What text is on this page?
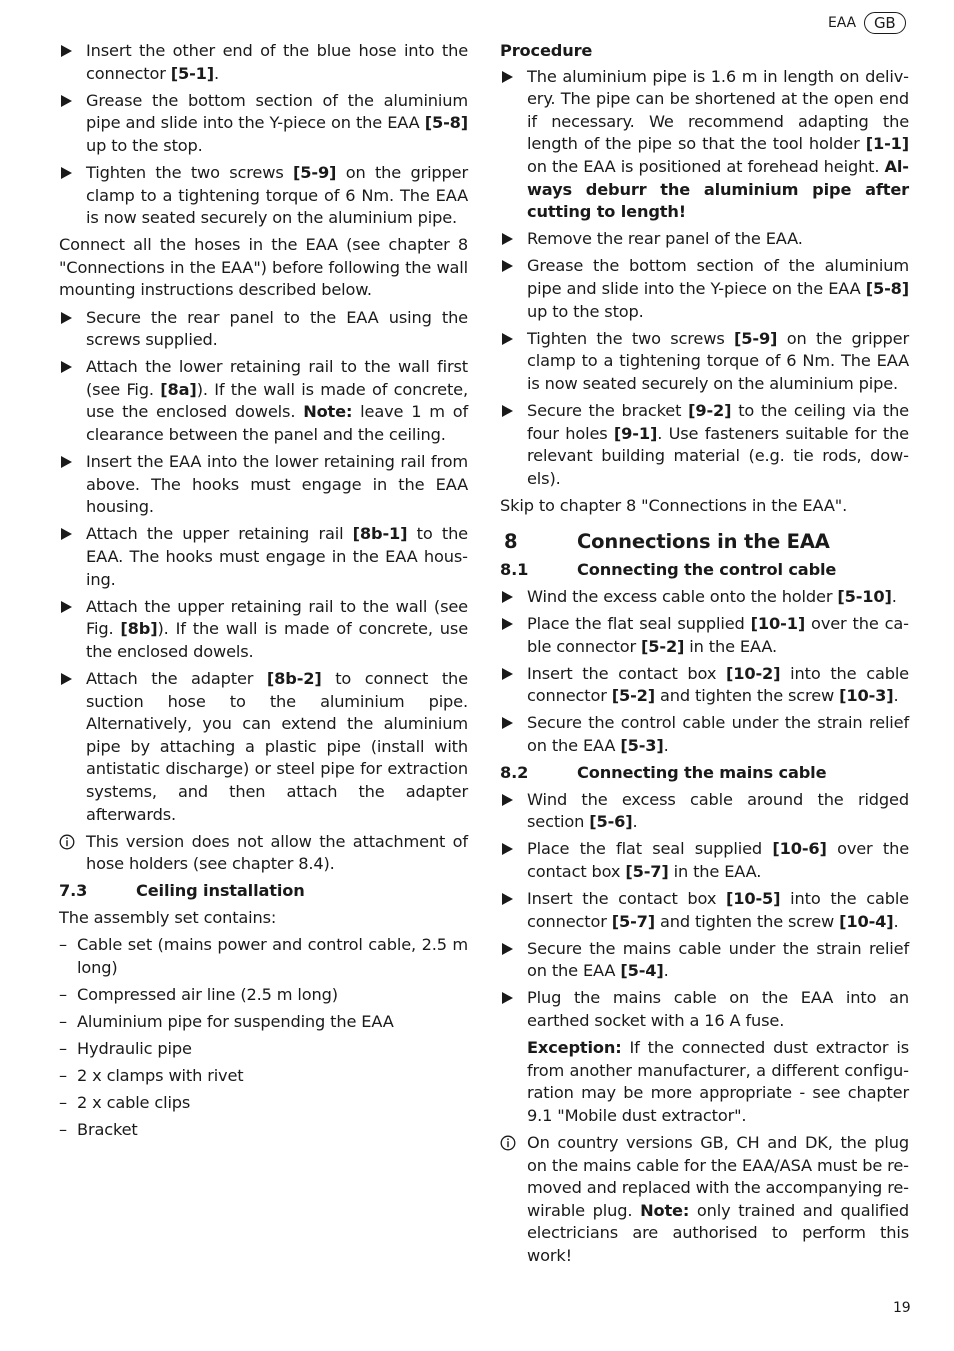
EAA	GB
Insert the other end of the blue hose into the connector [5-1].
Grease the bottom section of the aluminium pipe and slide into the Y-piece on the EAA [5-8] up to the stop.
Tighten the two screws [5-9] on the gripper clamp to a tightening torque of 6 Nm. The EAA is now seated securely on the aluminium pipe.
Connect all the hoses in the EAA (see chapter 8 "Connections in the EAA") before following the wall mounting instructions described below.
Secure the rear panel to the EAA using the screws supplied.
Attach the lower retaining rail to the wall first (see Fig. [8a]). If the wall is made of concrete, use the enclosed dowels. Note: leave 1 m of clearance between the panel and the ceiling.
Insert the EAA into the lower retaining rail from above. The hooks must engage in the EAA housing.
Attach the upper retaining rail [8b-1] to the EAA. The hooks must engage in the EAA housing.
Attach the upper retaining rail to the wall (see Fig. [8b]). If the wall is made of concrete, use the enclosed dowels.
Attach the adapter [8b-2] to connect the suction hose to the aluminium pipe. Alternatively, you can extend the aluminium pipe by attaching a plastic pipe (install with antistatic discharge) or steel pipe for extraction systems, and then attach the adapter afterwards.
This version does not allow the attachment of hose holders (see chapter 8.4).
7.3	Ceiling installation
The assembly set contains:
– Cable set (mains power and control cable, 2.5 m long)
– Compressed air line (2.5 m long)
– Aluminium pipe for suspending the EAA
– Hydraulic pipe
– 2 x clamps with rivet
– 2 x cable clips
– Bracket
Procedure
The aluminium pipe is 1.6 m in length on delivery. The pipe can be shortened at the open end if necessary. We recommend adapting the length of the pipe so that the tool holder [1-1] on the EAA is positioned at forehead height. Always deburr the aluminium pipe after cutting to length!
Remove the rear panel of the EAA.
Grease the bottom section of the aluminium pipe and slide into the Y-piece on the EAA [5-8] up to the stop.
Tighten the two screws [5-9] on the gripper clamp to a tightening torque of 6 Nm. The EAA is now seated securely on the aluminium pipe.
Secure the bracket [9-2] to the ceiling via the four holes [9-1]. Use fasteners suitable for the relevant building material (e.g. tie rods, dowels).
Skip to chapter 8 "Connections in the EAA".
8	Connections in the EAA
8.1	Connecting the control cable
Wind the excess cable onto the holder [5-10].
Place the flat seal supplied [10-1] over the cable connector [5-2] in the EAA.
Insert the contact box [10-2] into the cable connector [5-2] and tighten the screw [10-3].
Secure the control cable under the strain relief on the EAA [5-3].
8.2	Connecting the mains cable
Wind the excess cable around the ridged section [5-6].
Place the flat seal supplied [10-6] over the contact box [5-7] in the EAA.
Insert the contact box [10-5] into the cable connector [5-7] and tighten the screw [10-4].
Secure the mains cable under the strain relief on the EAA [5-4].
Plug the mains cable on the EAA into an earthed socket with a 16 A fuse.
Exception: If the connected dust extractor is from another manufacturer, a different configuration may be more appropriate - see chapter 9.1 "Mobile dust extractor".
On country versions GB, CH and DK, the plug on the mains cable for the EAA/ASA must be removed and replaced with the accompanying rewirable plug. Note: only trained and qualified electricians are authorised to perform this work!
19
